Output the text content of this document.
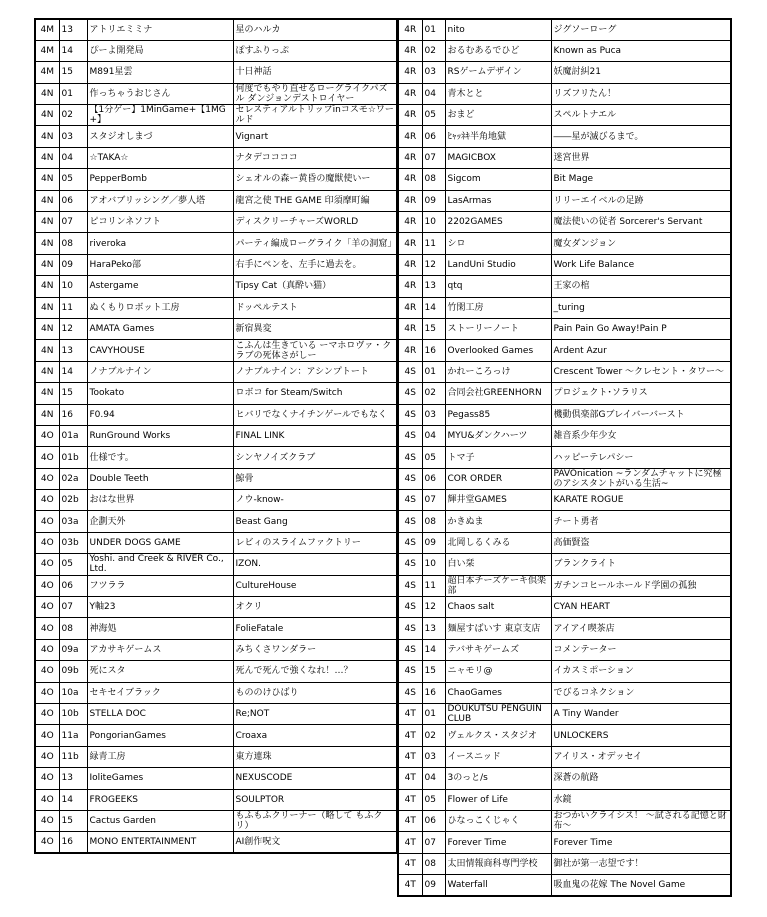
4M	13	アトリエミミナ	星のハルカ
4M	14	ぴーよ開発局	ぽすふりっぷ
4M	15	M891星雲	十日神話
4N	01	作っちゃうおじさん	何度でもやり直せるローグライクパズル ダンジョンデストロイヤー
4N	02	【1分ゲー】1MinGame+【1MG+】	セレスティアルトリップinコスモ☆ワールド
4N	03	スタジオしまづ	Vignart
4N	04	☆TAKA☆	ナタデココココ
4N	05	PepperBomb	シェオルの森ー黄昏の魔獣使いー
4N	06	アオバブリッシング／夢人塔	龍宮之使 THE GAME 印須摩町編
4N	07	ピコリンネソフト	ディスクリーチャーズWORLD
4N	08	riveroka	パーティ編成ローグライク「羊の洞窟」
4N	09	HaraPeko部	右手にペンを、左手に過去を。
4N	10	Astergame	Tipsy Cat（真酔い猫）
4N	11	ぬくもりロボット工房	ドッペルテスト
4N	12	AMATA Games	新宿異変
4N	13	CAVYHOUSE	こふんは生きている ーマホロヴァ・クラブの死体さがしー
4N	14	ノナブルナイン	ノナブルナイン：アシンプトート
4N	15	Tookato	ロボコ for Steam/Switch
4N	16	F0.94	ヒバリでなくナイチンゲールでもなく
4O	01a	RunGround Works	FINAL LINK
4O	01b	仕様です。	シンヤノイズクラブ
4O	02a	Double Teeth	鯨骨
4O	02b	おはな世界	ノウ-know-
4O	03a	企劃天外	Beast Gang
4O	03b	UNDER DOGS GAME	レビィのスライムファクトリー
4O	05	Yoshi. and Creek & RIVER Co., Ltd.	IZON.
4O	06	フツララ	CultureHouse
4O	07	Y軸23	オクリ
4O	08	神海処	FolieFatale
4O	09a	アカサキゲームス	みちくさワンダラー
4O	09b	死にスタ	死んで死んで強くなれ！…？
4O	10a	セキセイブラック	もののけひばり
4O	10b	STELLA DOC	Re;NOT
4O	11a	PongorianGames	Croaxa
4O	11b	緑青工房	東方連珠
4O	13	IoliteGames	NEXUSCODE
4O	14	FROGEEKS	SOULPTOR
4O	15	Cactus Garden	もふもふクリーナー（略して もふクリ）
4O	16	MONO ENTERTAINMENT	AI創作呪文
4R	01	nito	ジグソーローグ
4R	02	おるむあるでひど	Known as Puca
4R	03	RSゲームデザイン	妖魔討糾21
4R	04	青木とと	リズフリたん！
4R	05	おまど	スペルトナエル
4R	06	ﾋｬｯﾈｷ半角地獄	――星が滅びるまで。
4R	07	MAGICBOX	迷宮世界
4R	08	Sigcom	Bit Mage
4R	09	LasArmas	リリーエイベルの足跡
4R	10	2202GAMES	魔法使いの従者 Sorcerer's Servant
4R	11	シロ	魔女ダンジョン
4R	12	LandUni Studio	Work Life Balance
4R	13	qtq	王家の棺
4R	14	竹閑工房	_turing
4R	15	ストーリーノート	Pain Pain Go Away!Pain P
4R	16	Overlooked Games	Ardent Azur
4S	01	かれーころっけ	Crescent Tower ～クレセント・タワー～
4S	02	合同会社GREENHORN	プロジェクト･ソラリス
4S	03	Pegass85	機動倶楽部Gブレイバーバースト
4S	04	MYU&ダンクハーツ	雑音系少年少女
4S	05	トマ子	ハッピーテレパシー
4S	06	COR ORDER	PAVOnication ~ランダムチャットに究極のアシスタントがいる生活~
4S	07	輝井堂GAMES	KARATE ROGUE
4S	08	かきぬま	チート勇者
4S	09	北岡しるくみる	高価賢盗
4S	10	白い栞	ブランクライト
4S	11	超日本チーズケーキ倶楽部	ガチンコヒールホールド学園の孤独
4S	12	Chaos salt	CYAN HEART
4S	13	麺屋すばいす 東京支店	アイアイ喫茶店
4S	14	テバサキゲームズ	コメンテーター
4S	15	ニャモリ@	イカスミポーション
4S	16	ChaoGames	でびるコネクション
4T	01	DOUKUTSU PENGUIN CLUB	A Tiny Wander
4T	02	ヴェルクス・スタジオ	UNLOCKERS
4T	03	イースニッド	アイリス・オデッセイ
4T	04	3のっと/s	深蒼の航路
4T	05	Flower of Life	水鏡
4T	06	ひなっこくじゃく	おつかいクライシス！ ～試される記憶と財布～
4T	07	Forever Time	Forever Time
4T	08	太田情報商科専門学校	御社が第一志望です！
4T	09	Waterfall	吸血鬼の花嫁 The Novel Game
